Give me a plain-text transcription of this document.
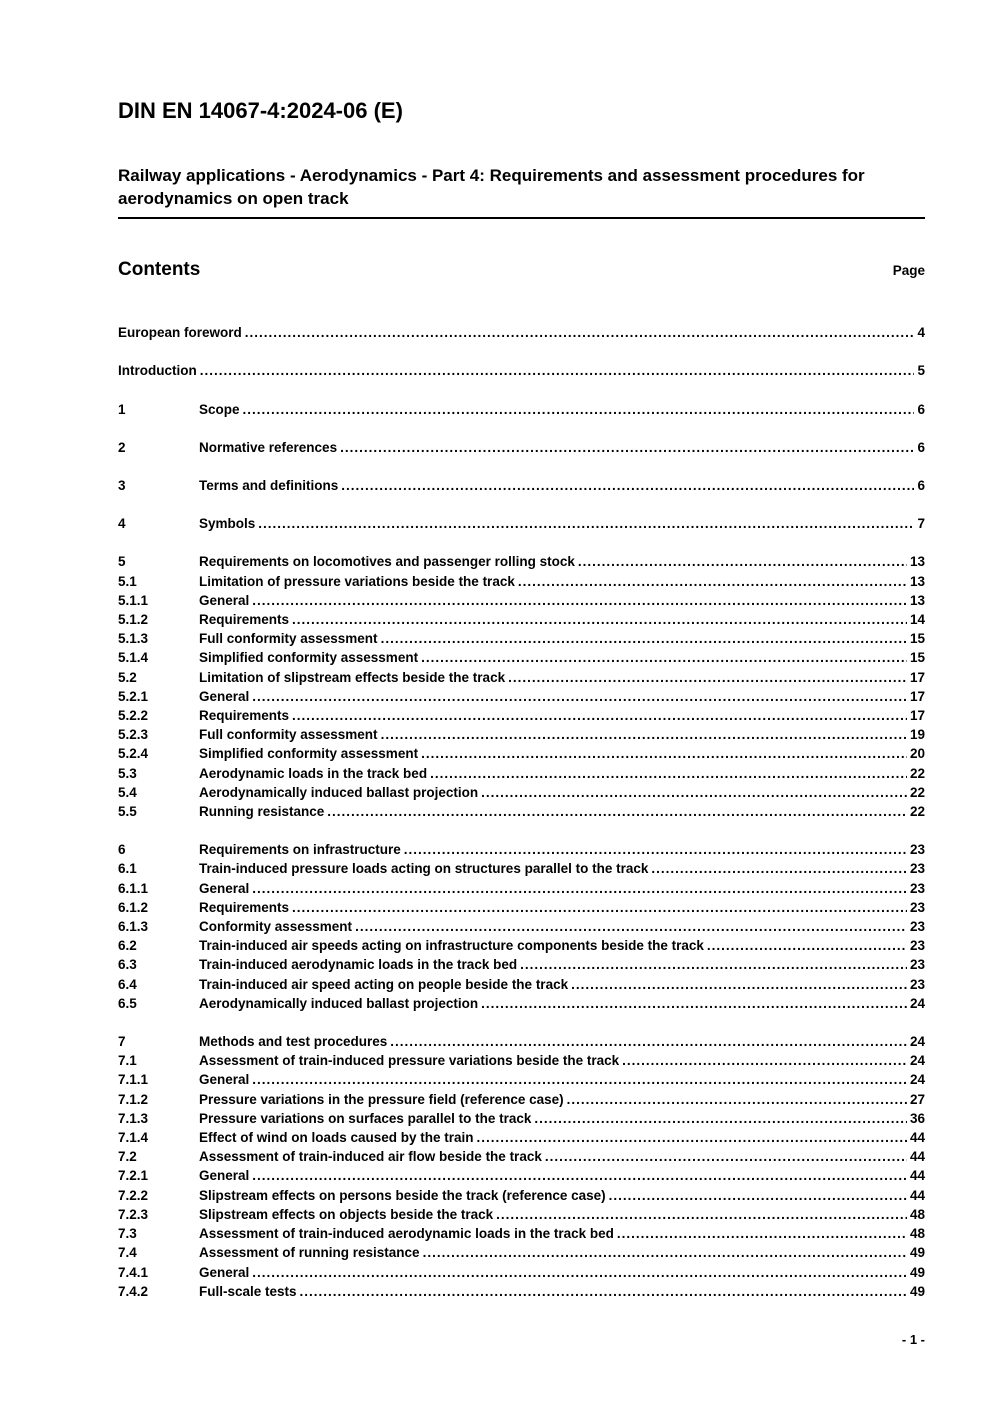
DIN EN 14067-4:2024-06 (E)
Railway applications - Aerodynamics - Part 4: Requirements and assessment procedures for aerodynamics on open track
Contents	Page
European foreword .....	4
Introduction .....	5
1	Scope .....	6
2	Normative references .....	6
3	Terms and definitions .....	6
4	Symbols .....	7
5	Requirements on locomotives and passenger rolling stock .....	13
5.1	Limitation of pressure variations beside the track .....	13
5.1.1	General .....	13
5.1.2	Requirements .....	14
5.1.3	Full conformity assessment .....	15
5.1.4	Simplified conformity assessment .....	15
5.2	Limitation of slipstream effects beside the track .....	17
5.2.1	General .....	17
5.2.2	Requirements .....	17
5.2.3	Full conformity assessment .....	19
5.2.4	Simplified conformity assessment .....	20
5.3	Aerodynamic loads in the track bed .....	22
5.4	Aerodynamically induced ballast projection .....	22
5.5	Running resistance .....	22
6	Requirements on infrastructure .....	23
6.1	Train-induced pressure loads acting on structures parallel to the track .....	23
6.1.1	General .....	23
6.1.2	Requirements .....	23
6.1.3	Conformity assessment .....	23
6.2	Train-induced air speeds acting on infrastructure components beside the track .....	23
6.3	Train-induced aerodynamic loads in the track bed .....	23
6.4	Train-induced air speed acting on people beside the track .....	23
6.5	Aerodynamically induced ballast projection .....	24
7	Methods and test procedures .....	24
7.1	Assessment of train-induced pressure variations beside the track .....	24
7.1.1	General .....	24
7.1.2	Pressure variations in the pressure field (reference case) .....	27
7.1.3	Pressure variations on surfaces parallel to the track .....	36
7.1.4	Effect of wind on loads caused by the train .....	44
7.2	Assessment of train-induced air flow beside the track .....	44
7.2.1	General .....	44
7.2.2	Slipstream effects on persons beside the track (reference case) .....	44
7.2.3	Slipstream effects on objects beside the track .....	48
7.3	Assessment of train-induced aerodynamic loads in the track bed .....	48
7.4	Assessment of running resistance .....	49
7.4.1	General .....	49
7.4.2	Full-scale tests .....	49
- 1 -
